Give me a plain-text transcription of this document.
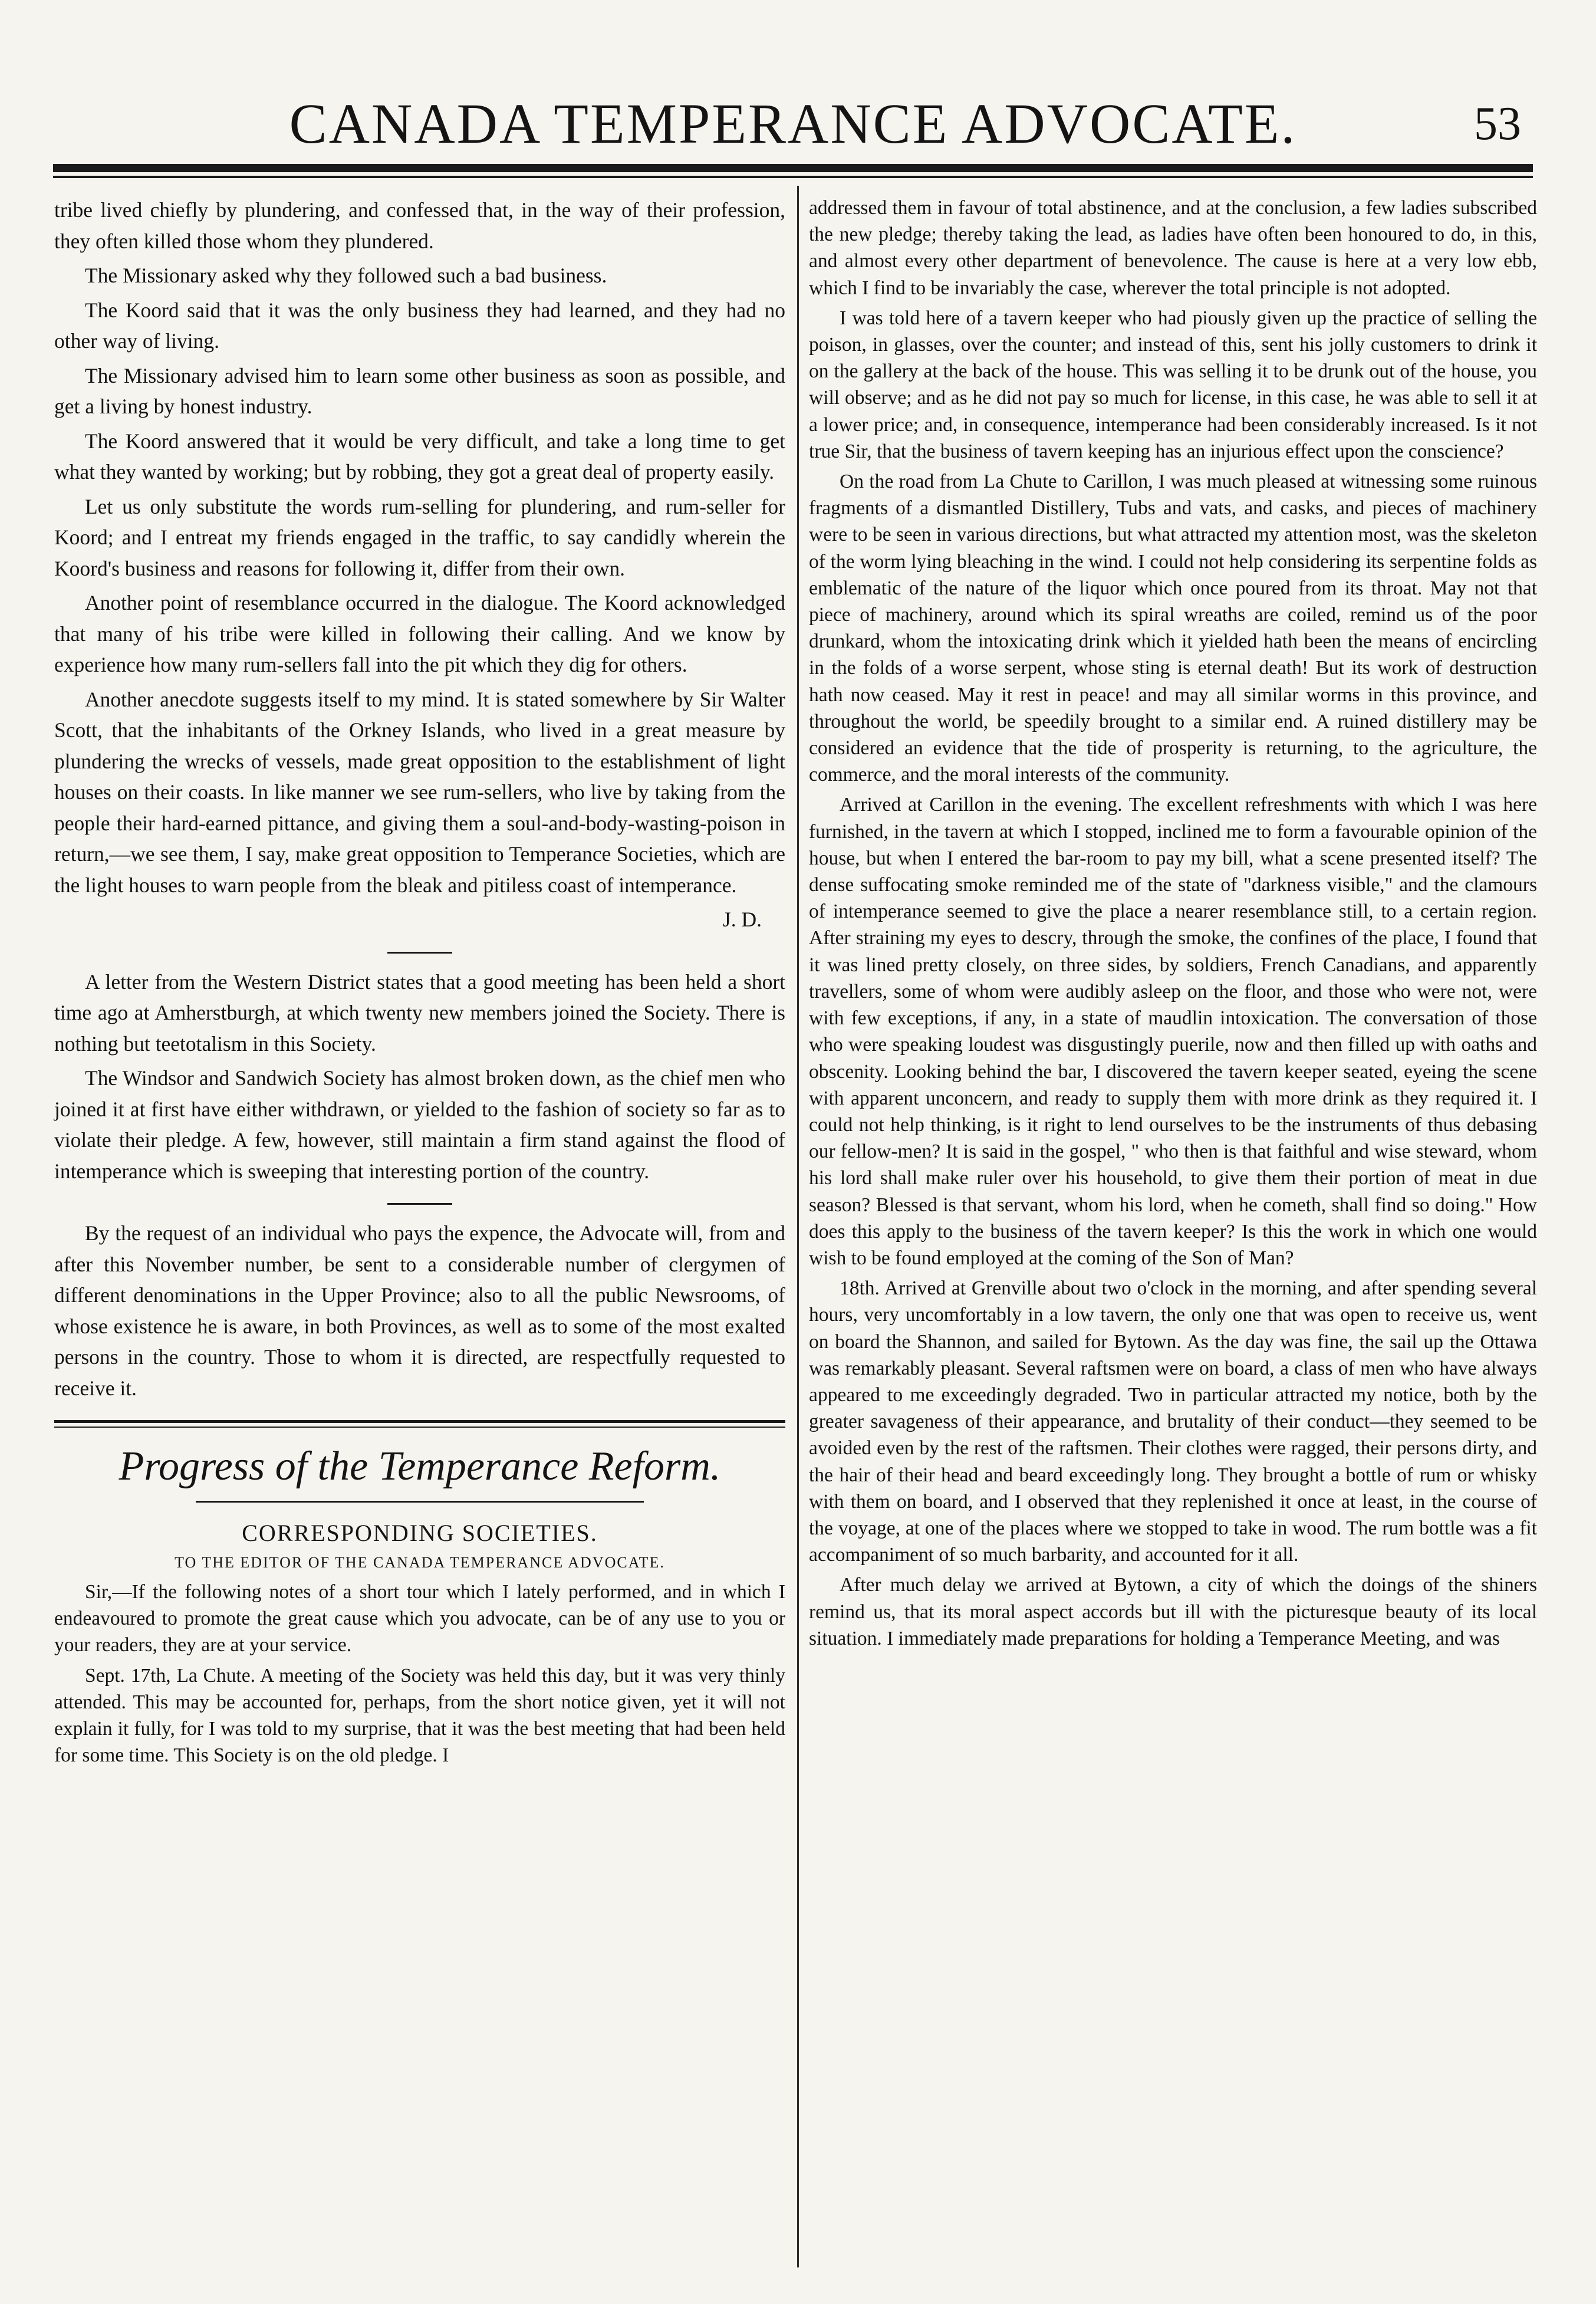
CANADA TEMPERANCE ADVOCATE.	53

tribe lived chiefly by plundering, and confessed that, in the way of their profession, they often killed those whom they plundered.

The Missionary asked why they followed such a bad business.

The Koord said that it was the only business they had learned, and they had no other way of living.

The Missionary advised him to learn some other business as soon as possible, and get a living by honest industry.

The Koord answered that it would be very difficult, and take a long time to get what they wanted by working; but by robbing, they got a great deal of property easily.

Let us only substitute the words rum-selling for plundering, and rum-seller for Koord; and I entreat my friends engaged in the traffic, to say candidly wherein the Koord's business and reasons for following it, differ from their own.

Another point of resemblance occurred in the dialogue. The Koord acknowledged that many of his tribe were killed in following their calling. And we know by experience how many rum-sellers fall into the pit which they dig for others.

Another anecdote suggests itself to my mind. It is stated somewhere by Sir Walter Scott, that the inhabitants of the Orkney Islands, who lived in a great measure by plundering the wrecks of vessels, made great opposition to the establishment of light houses on their coasts. In like manner we see rum-sellers, who live by taking from the people their hard-earned pittance, and giving them a soul-and-body-wasting-poison in return,—we see them, I say, make great opposition to Temperance Societies, which are the light houses to warn people from the bleak and pitiless coast of intemperance.

J. D.

A letter from the Western District states that a good meeting has been held a short time ago at Amherstburgh, at which twenty new members joined the Society. There is nothing but teetotalism in this Society.

The Windsor and Sandwich Society has almost broken down, as the chief men who joined it at first have either withdrawn, or yielded to the fashion of society so far as to violate their pledge. A few, however, still maintain a firm stand against the flood of intemperance which is sweeping that interesting portion of the country.

By the request of an individual who pays the expence, the Advocate will, from and after this November number, be sent to a considerable number of clergymen of different denominations in the Upper Province; also to all the public Newsrooms, of whose existence he is aware, in both Provinces, as well as to some of the most exalted persons in the country. Those to whom it is directed, are respectfully requested to receive it.

Progress of the Temperance Reform.
CORRESPONDING SOCIETIES.
TO THE EDITOR OF THE CANADA TEMPERANCE ADVOCATE.

Sir,—If the following notes of a short tour which I lately performed, and in which I endeavoured to promote the great cause which you advocate, can be of any use to you or your readers, they are at your service.

Sept. 17th, La Chute. A meeting of the Society was held this day, but it was very thinly attended. This may be accounted for, perhaps, from the short notice given, yet it will not explain it fully, for I was told to my surprise, that it was the best meeting that had been held for some time. This Society is on the old pledge. I

addressed them in favour of total abstinence, and at the conclusion, a few ladies subscribed the new pledge; thereby taking the lead, as ladies have often been honoured to do, in this, and almost every other department of benevolence. The cause is here at a very low ebb, which I find to be invariably the case, wherever the total principle is not adopted.

I was told here of a tavern keeper who had piously given up the practice of selling the poison, in glasses, over the counter; and instead of this, sent his jolly customers to drink it on the gallery at the back of the house. This was selling it to be drunk out of the house, you will observe; and as he did not pay so much for license, in this case, he was able to sell it at a lower price; and, in consequence, intemperance had been considerably increased. Is it not true Sir, that the business of tavern keeping has an injurious effect upon the conscience?

On the road from La Chute to Carillon, I was much pleased at witnessing some ruinous fragments of a dismantled Distillery, Tubs and vats, and casks, and pieces of machinery were to be seen in various directions, but what attracted my attention most, was the skeleton of the worm lying bleaching in the wind. I could not help considering its serpentine folds as emblematic of the nature of the liquor which once poured from its throat. May not that piece of machinery, around which its spiral wreaths are coiled, remind us of the poor drunkard, whom the intoxicating drink which it yielded hath been the means of encircling in the folds of a worse serpent, whose sting is eternal death! But its work of destruction hath now ceased. May it rest in peace! and may all similar worms in this province, and throughout the world, be speedily brought to a similar end. A ruined distillery may be considered an evidence that the tide of prosperity is returning, to the agriculture, the commerce, and the moral interests of the community.

Arrived at Carillon in the evening. The excellent refreshments with which I was here furnished, in the tavern at which I stopped, inclined me to form a favourable opinion of the house, but when I entered the bar-room to pay my bill, what a scene presented itself? The dense suffocating smoke reminded me of the state of "darkness visible," and the clamours of intemperance seemed to give the place a nearer resemblance still, to a certain region. After straining my eyes to descry, through the smoke, the confines of the place, I found that it was lined pretty closely, on three sides, by soldiers, French Canadians, and apparently travellers, some of whom were audibly asleep on the floor, and those who were not, were with few exceptions, if any, in a state of maudlin intoxication. The conversation of those who were speaking loudest was disgustingly puerile, now and then filled up with oaths and obscenity. Looking behind the bar, I discovered the tavern keeper seated, eyeing the scene with apparent unconcern, and ready to supply them with more drink as they required it. I could not help thinking, is it right to lend ourselves to be the instruments of thus debasing our fellow-men? It is said in the gospel, " who then is that faithful and wise steward, whom his lord shall make ruler over his household, to give them their portion of meat in due season? Blessed is that servant, whom his lord, when he cometh, shall find so doing." How does this apply to the business of the tavern keeper? Is this the work in which one would wish to be found employed at the coming of the Son of Man?

18th. Arrived at Grenville about two o'clock in the morning, and after spending several hours, very uncomfortably in a low tavern, the only one that was open to receive us, went on board the Shannon, and sailed for Bytown. As the day was fine, the sail up the Ottawa was remarkably pleasant. Several raftsmen were on board, a class of men who have always appeared to me exceedingly degraded. Two in particular attracted my notice, both by the greater savageness of their appearance, and brutality of their conduct—they seemed to be avoided even by the rest of the raftsmen. Their clothes were ragged, their persons dirty, and the hair of their head and beard exceedingly long. They brought a bottle of rum or whisky with them on board, and I observed that they replenished it once at least, in the course of the voyage, at one of the places where we stopped to take in wood. The rum bottle was a fit accompaniment of so much barbarity, and accounted for it all.

After much delay we arrived at Bytown, a city of which the doings of the shiners remind us, that its moral aspect accords but ill with the picturesque beauty of its local situation. I immediately made preparations for holding a Temperance Meeting, and was
